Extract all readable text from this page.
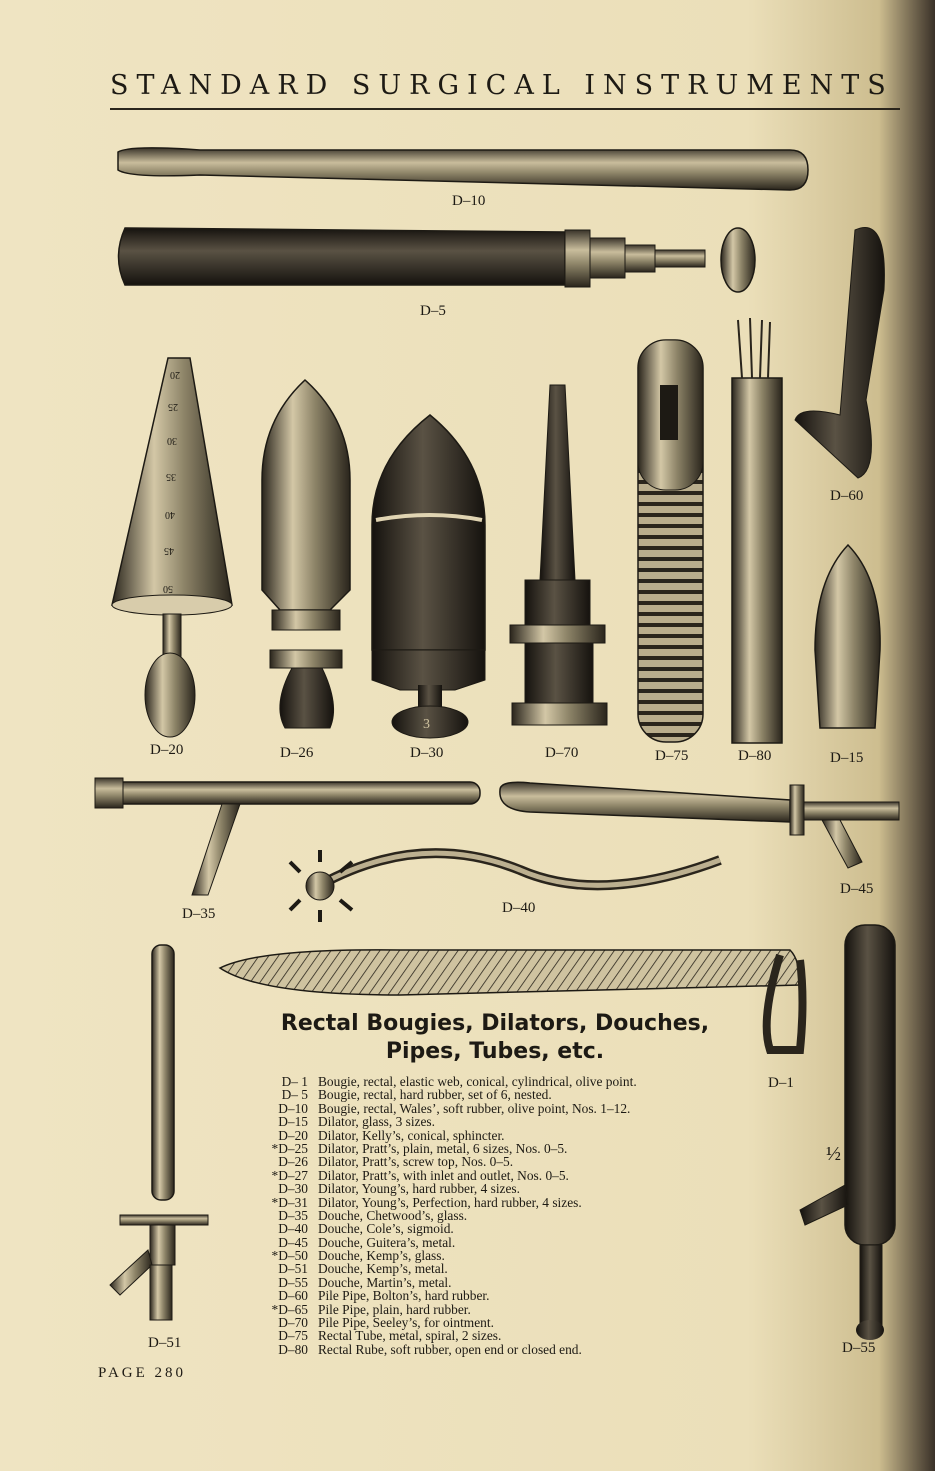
STANDARD SURGICAL INSTRUMENTS
20
25
30
35
40
45
50
3
½
D–10
D–5
D–60
D–20	D–26	D–30	D–70	D–75	D–80	D–15
D–35	D–40
D–45
D–1
D–51	D–55
Rectal Bougies, Dilators, Douches,
Pipes, Tubes, etc.
D– 1 Bougie, rectal, elastic web, conical, cylindrical, olive point.
D– 5 Bougie, rectal, hard rubber, set of 6, nested.
D–10 Bougie, rectal, Wales’, soft rubber, olive point, Nos. 1–12.
D–15 Dilator, glass, 3 sizes.
D–20 Dilator, Kelly’s, conical, sphincter.
*D–25 Dilator, Pratt’s, plain, metal, 6 sizes, Nos. 0–5.
D–26 Dilator, Pratt’s, screw top, Nos. 0–5.
*D–27 Dilator, Pratt’s, with inlet and outlet, Nos. 0–5.
D–30 Dilator, Young’s, hard rubber, 4 sizes.
*D–31 Dilator, Young’s, Perfection, hard rubber, 4 sizes.
D–35 Douche, Chetwood’s, glass.
D–40 Douche, Cole’s, sigmoid.
D–45 Douche, Guitera’s, metal.
*D–50 Douche, Kemp’s, glass.
D–51 Douche, Kemp’s, metal.
D–55 Douche, Martin’s, metal.
D–60 Pile Pipe, Bolton’s, hard rubber.
*D–65 Pile Pipe, plain, hard rubber.
D–70 Pile Pipe, Seeley’s, for ointment.
D–75 Rectal Tube, metal, spiral, 2 sizes.
D–80 Rectal Rube, soft rubber, open end or closed end.
PAGE 280
